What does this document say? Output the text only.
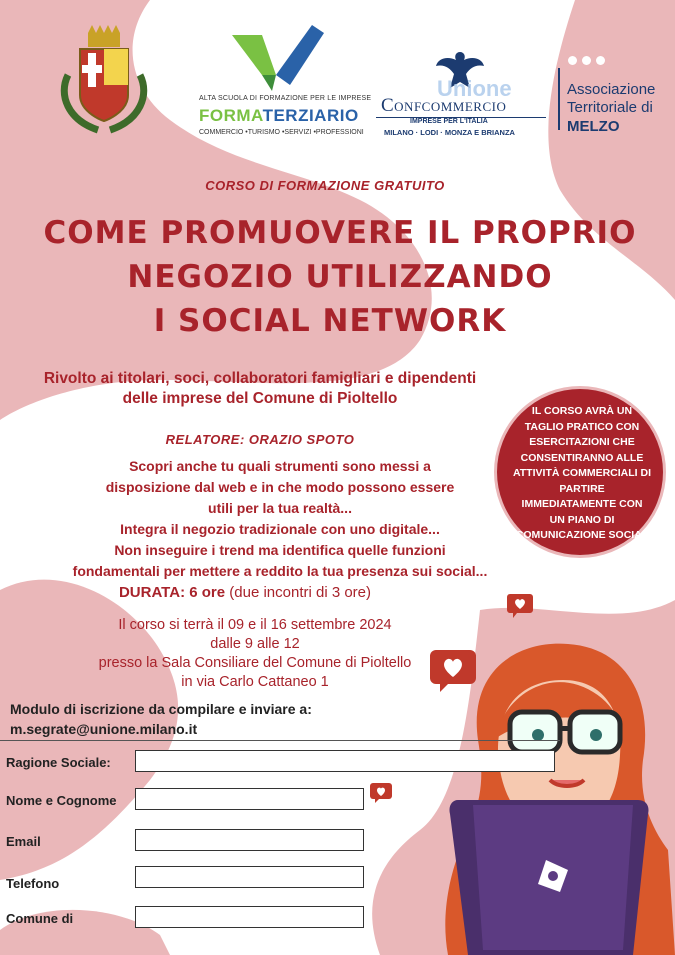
ALTA SCUOLA DI FORMAZIONE PER LE IMPRESE
FORMATERZIARIO
COMMERCIO •TURISMO •SERVIZI •PROFESSIONI
Unione
Confcommercio
IMPRESE PER L'ITALIA
MILANO · LODI · MONZA E BRIANZA
Associazione
Territoriale di
MELZO
CORSO DI FORMAZIONE GRATUITO
COME PROMUOVERE IL PROPRIO
NEGOZIO UTILIZZANDO
I SOCIAL NETWORK
Rivolto ai titolari, soci, collaboratori famigliari e dipendenti
delle imprese del Comune di Pioltello
IL CORSO AVRÀ UN
TAGLIO PRATICO CON
ESERCITAZIONI CHE
CONSENTIRANNO ALLE
ATTIVITÀ COMMERCIALI DI
PARTIRE
IMMEDIATAMENTE CON
UN PIANO DI
COMUNICAZIONE SOCIAL
RELATORE: ORAZIO SPOTO
Scopri anche tu quali strumenti sono messi a
disposizione dal web e in che modo possono essere
utili per la tua realtà...
Integra il negozio tradizionale con uno digitale...
Non inseguire i trend ma identifica quelle funzioni
fondamentali per mettere a reddito la tua presenza sui social...
DURATA: 6 ore (due incontri di 3 ore)
Il corso si terrà il 09 e il 16 settembre 2024
dalle 9 alle 12
presso la Sala Consiliare del Comune di Pioltello
in via Carlo Cattaneo 1
Modulo di iscrizione da compilare e inviare a:
m.segrate@unione.milano.it
Ragione Sociale:
Nome e Cognome
Email
Telefono
Comune di
